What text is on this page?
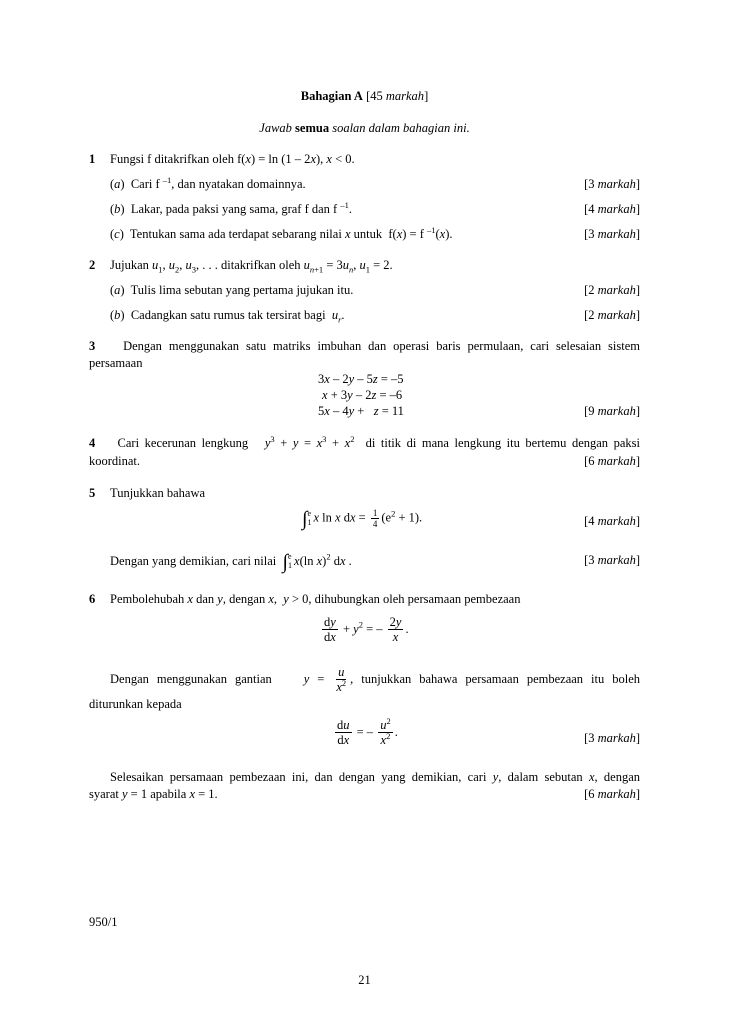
Bahagian A [45 markah]
Jawab semua soalan dalam bahagian ini.
1 Fungsi f ditakrifkan oleh f(x) = ln (1 – 2x), x < 0.
(a)  Cari f $^{-1}$, dan nyatakan domainnya.	[3 markah]
(b)  Lakar, pada paksi yang sama, graf f dan f $^{-1}$.	[4 markah]
(c)  Tentukan sama ada terdapat sebarang nilai x untuk  f(x) = f $^{-1}$(x).	[3 markah]
2 Jujukan $u_1$, $u_2$, $u_3$, . . . ditakrifkan oleh $u_{n+1} = 3u_n$, $u_1 = 2$.
(a)  Tulis lima sebutan yang pertama jujukan itu.	[2 markah]
(b)  Cadangkan satu rumus tak tersirat bagi  $u_r$.	[2 markah]
3 Dengan menggunakan satu matriks imbuhan dan operasi baris permulaan, cari selesaian sistem
persamaan
3x – 2y – 5z = –5
x + 3y – 2z = –6
5x – 4y +   z = 11	[9 markah]
4 Cari kecerunan lengkung $y^3 + y = x^3 + x^2$ di titik di mana lengkung itu bertemu dengan paksi
koordinat.	[6 markah]
5 Tunjukkan bahawa
∫ e
1 x ln x dx = $\frac{1}{4} (e^2 + 1)$.	[4 markah]
Dengan yang demikian, cari nilai  ∫ e
1 x(ln x)$^2$ dx .	[3 markah]
6 Pembolehubah x dan y, dengan x,  y > 0, dihubungkan oleh persamaan pembezaan
$\frac{dy}{dx} + y^2$ = – $\frac{2y}{x}$ .
Dengan menggunakan gantian	$y = \frac{u}{x^2}$ , tunjukkan bahawa persamaan pembezaan itu boleh
diturunkan kepada
$\frac{du}{dx}$ = – $\frac{u^2}{x^2}$ .	[3 markah]
Selesaikan persamaan pembezaan ini, dan dengan yang demikian, cari y, dalam sebutan x, dengan
syarat y = 1 apabila x = 1.	[6 markah]
950/1
21
